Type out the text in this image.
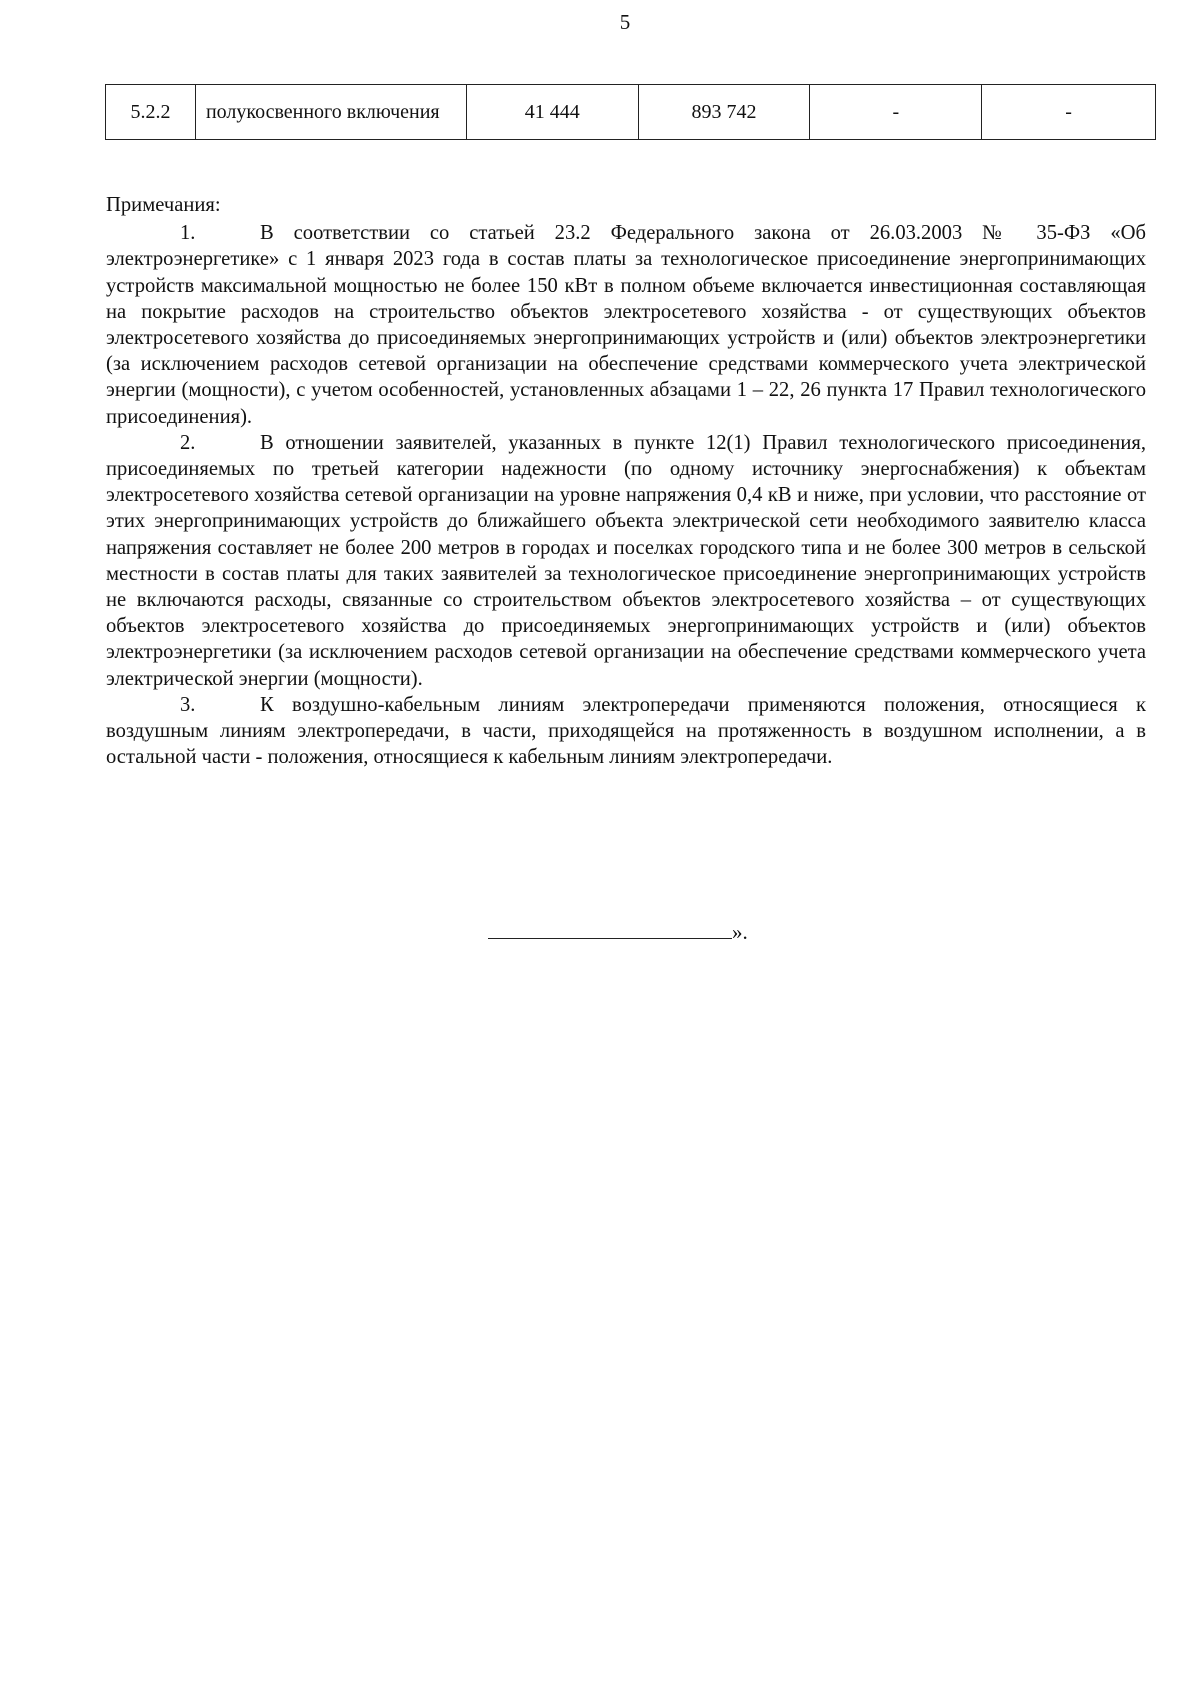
5
5.2.2	полукосвенного включения	41 444	893 742	-	-

Примечания:

1.	В соответствии со статьей 23.2 Федерального закона от 26.03.2003 № 35-ФЗ «Об электроэнергетике» с 1 января 2023 года в состав платы за технологическое присоединение энергопринимающих устройств максимальной мощностью не более 150 кВт в полном объеме включается инвестиционная составляющая на покрытие расходов на строительство объектов электросетевого хозяйства - от существующих объектов электросетевого хозяйства до присоединяемых энергопринимающих устройств и (или) объектов электроэнергетики (за исключением расходов сетевой организации на обеспечение средствами коммерческого учета электрической энергии (мощности), с учетом особенностей, установленных абзацами 1 – 22, 26 пункта 17 Правил технологического присоединения).

2.	В отношении заявителей, указанных в пункте 12(1) Правил технологического присоединения, присоединяемых по третьей категории надежности (по одному источнику энергоснабжения) к объектам электросетевого хозяйства сетевой организации на уровне напряжения 0,4 кВ и ниже, при условии, что расстояние от этих энергопринимающих устройств до ближайшего объекта электрической сети необходимого заявителю класса напряжения составляет не более 200 метров в городах и поселках городского типа и не более 300 метров в сельской местности в состав платы для таких заявителей за технологическое присоединение энергопринимающих устройств не включаются расходы, связанные со строительством объектов электросетевого хозяйства – от существующих объектов электросетевого хозяйства до присоединяемых энергопринимающих устройств и (или) объектов электроэнергетики (за исключением расходов сетевой организации на обеспечение средствами коммерческого учета электрической энергии (мощности).

3.	К воздушно-кабельным линиям электропередачи применяются положения, относящиеся к воздушным линиям электропередачи, в части, приходящейся на протяженность в воздушном исполнении, а в остальной части - положения, относящиеся к кабельным линиям электропередачи.

».
